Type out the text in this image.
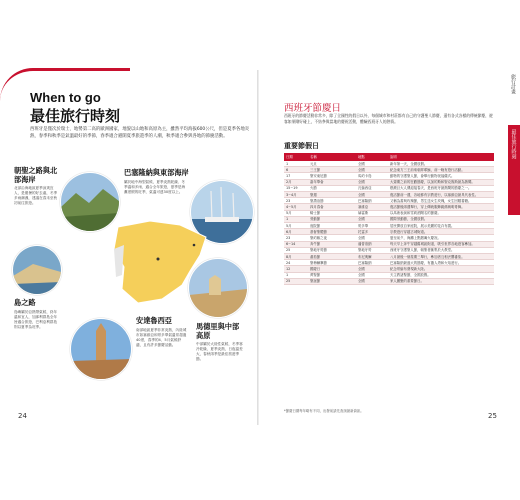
When to go
最佳旅行時刻
西班牙是僅次於瑞士，地勢第二高的歐洲國家，地貌以山地和高原為主，雖然平均海拔600公尺，但是夏季各地炎熱，春季和秋季是氣溫最好的季節，春季適合避開夏季旅遊季的人潮，秋季適合參與各地的節慶活動。
朝聖之路與北部海岸
北部沿海地區夏季涼爽宜人，是避暑的好去處，冬季多雨潮濕，建議在春末至秋初前往旅遊。
巴塞隆納與東部海岸
屬於地中海型氣候，夏季炎熱乾燥、冬季溫和多雨，適合全年旅遊，夏季是海灘度假的旺季，氣溫可達30度以上。
島之路
島嶼屬於亞熱帶氣候，終年溫和宜人，加那利群島全年皆適合旅遊，巴利亞利群島則以夏季為旺季。
安達魯西亞
南部地區夏季非常炎熱，內陸城市如塞維亞和哥多華氣溫常超過40度，春季的4、5月氣候舒適，且有許多節慶活動。
馬德里與中部高原
中部屬於大陸性氣候，冬季寒冷乾燥，夏季炎熱，日夜溫差大，春秋兩季是最佳旅遊季節。
24
西班牙節慶日
西班牙的節慶活動非常多，除了全國性的假日以外，每個城市和村莊都有自己的守護聖人節慶，還有各式各樣的傳統節慶，遊客如果剛好碰上，不妨參與當地的慶祝活動，體驗西班牙人的熱情。
重要節假日
日期	名稱	地點	說明
1	元旦	全國	新年第一天，全國放假。
6	三王節	全國	紀念東方三王前來朝拜耶穌，前一晚有遊行活動。
17	聖安東尼節	馬約卡島	動物的守護聖人節，會舉行動物祝福儀式。
2月	嘉年華會	全國	大齋期之前的狂歡節慶，以加的斯和聖克魯斯最為熱鬧。
15~19	火節	瓦倫西亞	燃燒巨大人偶迎接春天，是西班牙最熱鬧的節慶之一。
3~4月	聖週	全國	復活節前一週，各地都有宗教遊行，以塞維亞最具代表性。
23	聖喬治節	巴塞隆納	又稱為書與玫瑰節，男生送女生玫瑰，女生回贈書籍。
4~5月	四月春會	塞維亞	復活節後兩週舉行，穿上傳統服飾跳佛朗明哥舞。
5月	騎士節	赫雷斯	以馬術表演和雪莉酒聞名的節慶。
1	勞動節	全國	國際勞動節，全國放假。
5月	庭院節	哥多華	居民開放自家庭院，展示美麗的花卉布置。
6月	基督聖體節	托雷多	宗教遊行穿越古城街道。
23	聖約翰之夜	全國	夏至前夕，海灘上點燃篝火慶祝。
6~14	奔牛節	潘普洛納	每天早上奔牛穿越舊城區街道，吸引世界各地遊客參加。
25	聖地牙哥節	聖地牙哥	西班牙守護聖人節，朝聖者匯集於大教堂。
8月	番茄節	布尼奧爾	八月最後一個星期三舉行，參加者互相丟擲番茄。
24	聖梅爾賽節	巴塞隆納	巴塞隆納最盛大的節慶，有疊人塔和火焰遊行。
12	國慶日	全國	紀念哥倫布發現新大陸。
1	萬聖節	全國	天主教諸聖節，全國放假。
25	聖誕節	全國	家人團聚的重要節日。
*節慶日期每年略有不同，出發前請先查詢最新資訊。
25
旅行計畫
最佳旅行時刻
